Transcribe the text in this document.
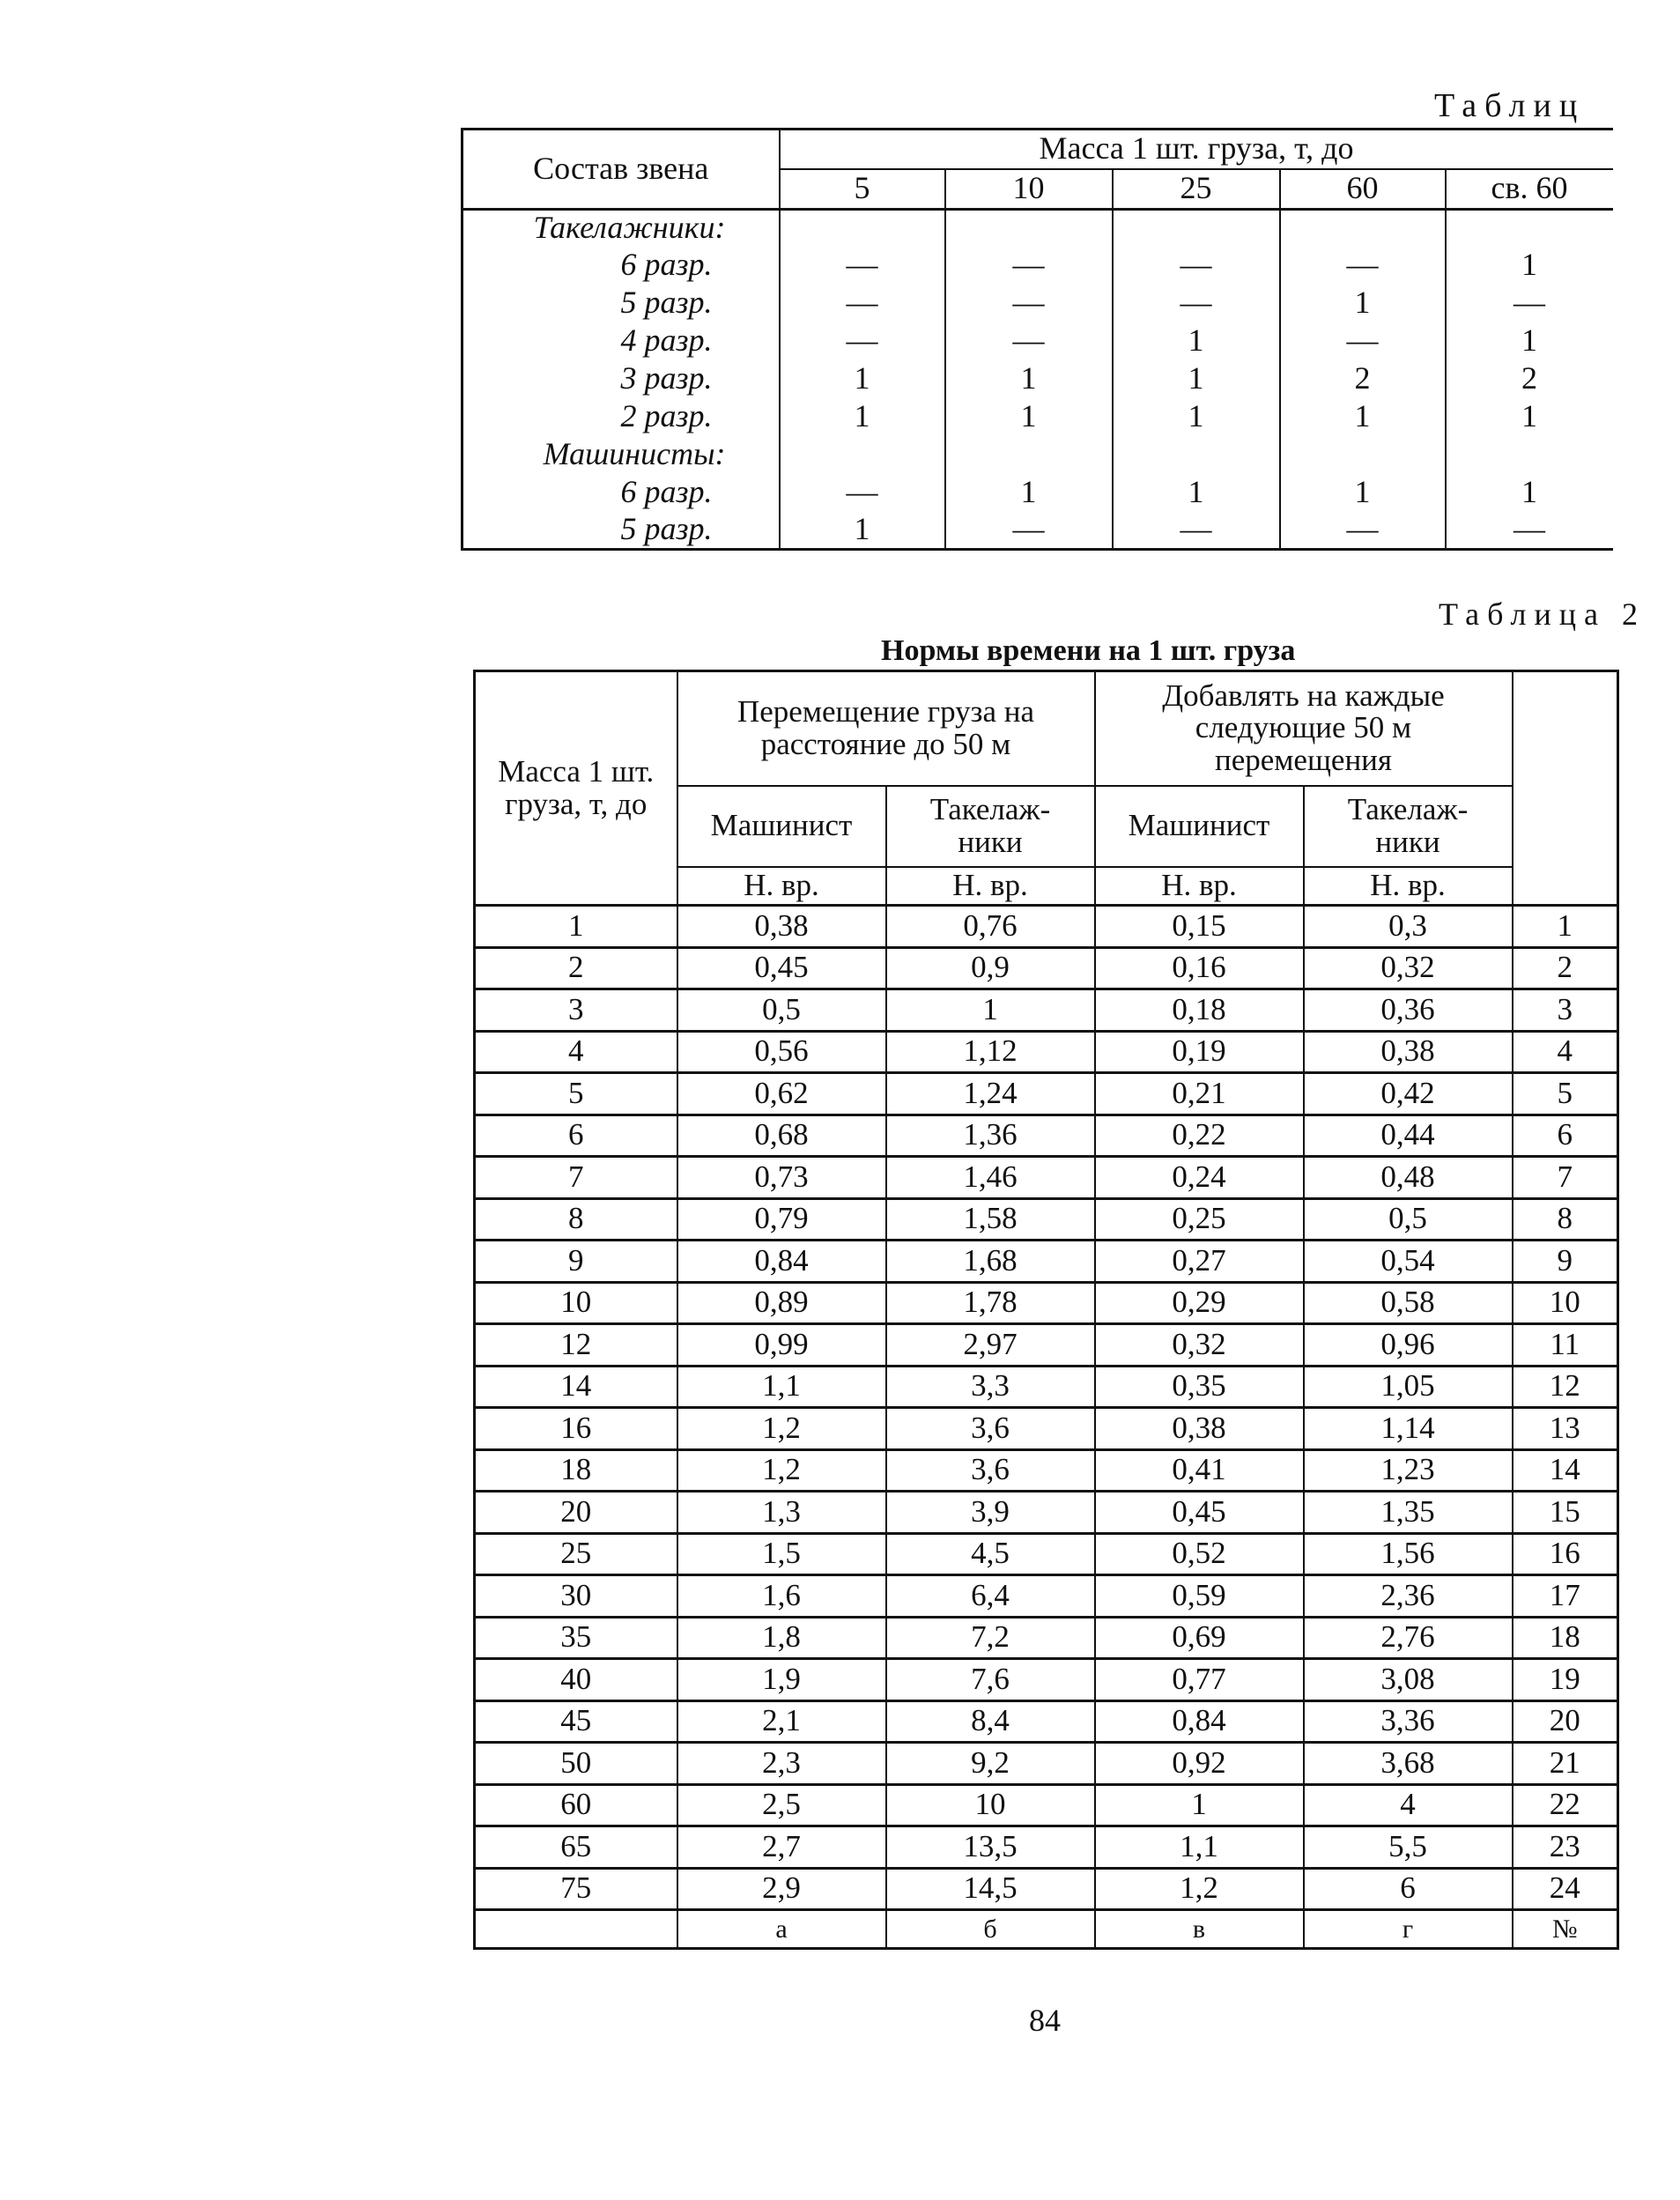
Таблиц
Состав звена	Масса 1 шт. груза, т, до				
	5	10	25	60	св. 60
Такелажники:					
6 разр.	—	—	—	—	1
5 разр.	—	—	—	1	—
4 разр.	—	—	1	—	1
3 разр.	1	1	1	2	2
2 разр.	1	1	1	1	1
Машинисты:					
6 разр.	—	1	1	1	1
5 разр.	1	—	—	—	—
Таблица 2
Нормы времени на 1 шт. груза
Масса 1 шт. груза, т, до	Перемещение груза на расстояние до 50 м		Добавлять на каждые следующие 50 м перемещения		
	Машинист	Такелаж-ники	Машинист	Такелаж-ники	
	Н. вр.	Н. вр.	Н. вр.	Н. вр.	
1	0,38	0,76	0,15	0,3	1
2	0,45	0,9	0,16	0,32	2
3	0,5	1	0,18	0,36	3
4	0,56	1,12	0,19	0,38	4
5	0,62	1,24	0,21	0,42	5
6	0,68	1,36	0,22	0,44	6
7	0,73	1,46	0,24	0,48	7
8	0,79	1,58	0,25	0,5	8
9	0,84	1,68	0,27	0,54	9
10	0,89	1,78	0,29	0,58	10
12	0,99	2,97	0,32	0,96	11
14	1,1	3,3	0,35	1,05	12
16	1,2	3,6	0,38	1,14	13
18	1,2	3,6	0,41	1,23	14
20	1,3	3,9	0,45	1,35	15
25	1,5	4,5	0,52	1,56	16
30	1,6	6,4	0,59	2,36	17
35	1,8	7,2	0,69	2,76	18
40	1,9	7,6	0,77	3,08	19
45	2,1	8,4	0,84	3,36	20
50	2,3	9,2	0,92	3,68	21
60	2,5	10	1	4	22
65	2,7	13,5	1,1	5,5	23
75	2,9	14,5	1,2	6	24
	а	б	в	г	№
84
